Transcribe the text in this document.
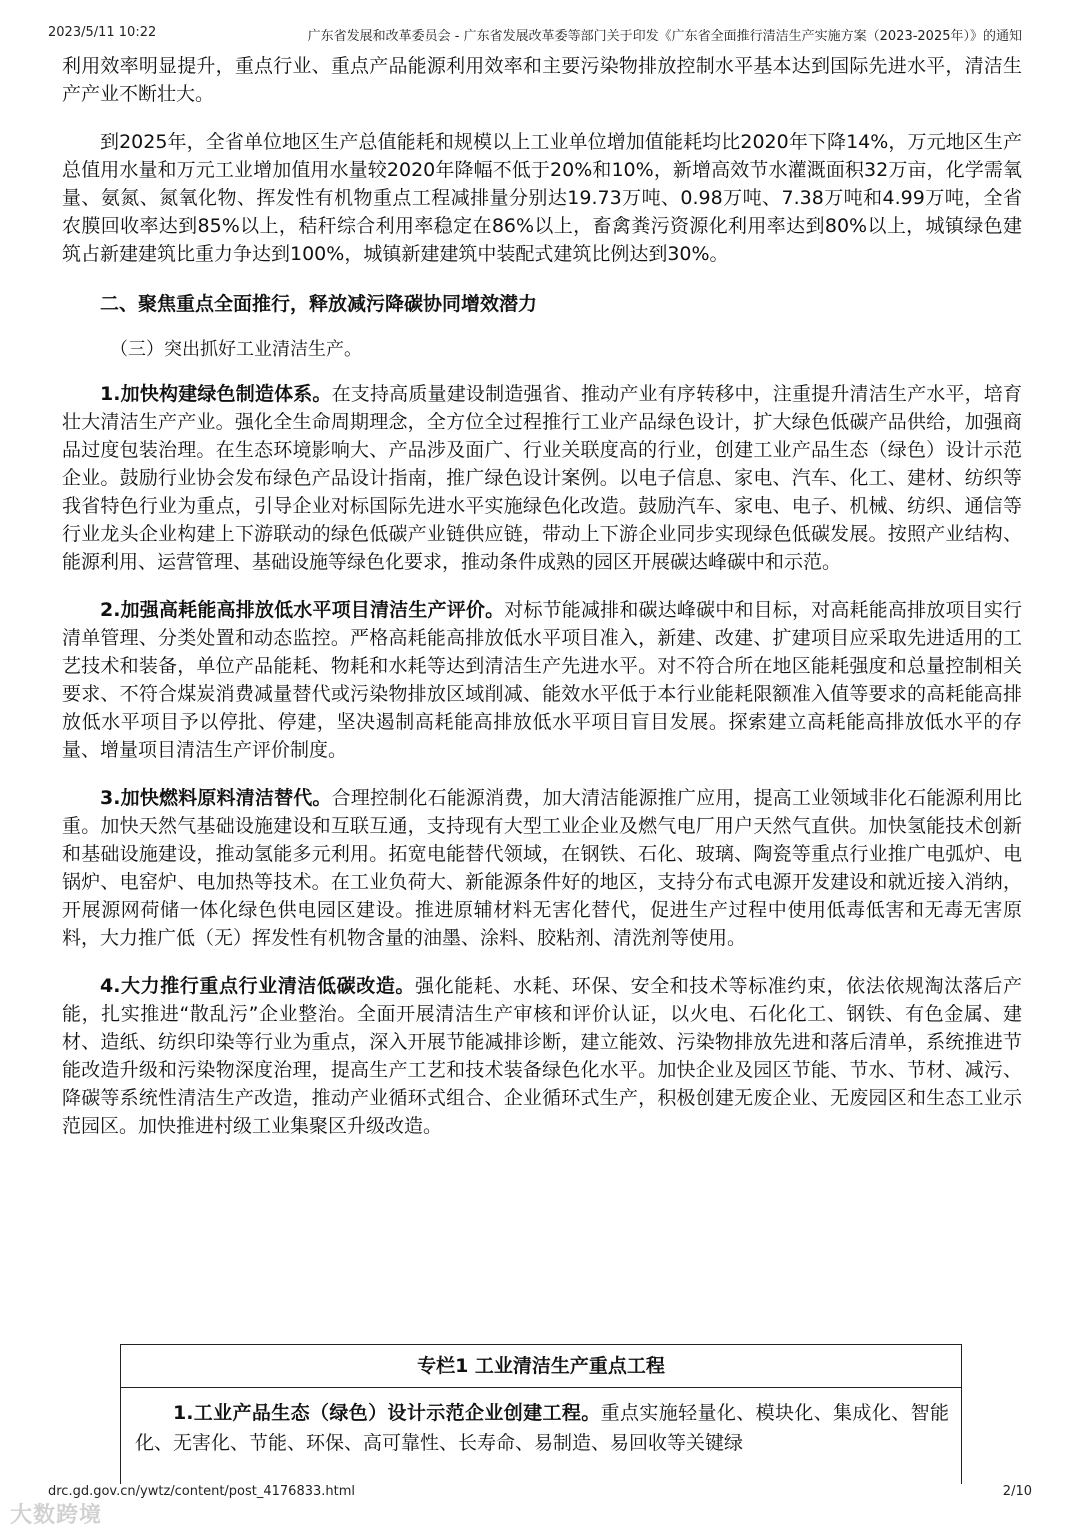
2023/5/11 10:22	广东省发展和改革委员会 - 广东省发展改革委等部门关于印发《广东省全面推行清洁生产实施方案（2023-2025年）》的通知

利用效率明显提升，重点行业、重点产品能源利用效率和主要污染物排放控制水平基本达到国际先进水平，清洁生产产业不断壮大。

到2025年，全省单位地区生产总值能耗和规模以上工业单位增加值能耗均比2020年下降14%，万元地区生产总值用水量和万元工业增加值用水量较2020年降幅不低于20%和10%，新增高效节水灌溉面积32万亩，化学需氧量、氨氮、氮氧化物、挥发性有机物重点工程减排量分别达19.73万吨、0.98万吨、7.38万吨和4.99万吨，全省农膜回收率达到85%以上，秸秆综合利用率稳定在86%以上，畜禽粪污资源化利用率达到80%以上，城镇绿色建筑占新建建筑比重力争达到100%，城镇新建建筑中装配式建筑比例达到30%。

二、聚焦重点全面推行，释放减污降碳协同增效潜力
（三）突出抓好工业清洁生产。

1.加快构建绿色制造体系。在支持高质量建设制造强省、推动产业有序转移中，注重提升清洁生产水平，培育壮大清洁生产产业。强化全生命周期理念，全方位全过程推行工业产品绿色设计，扩大绿色低碳产品供给，加强商品过度包装治理。在生态环境影响大、产品涉及面广、行业关联度高的行业，创建工业产品生态（绿色）设计示范企业。鼓励行业协会发布绿色产品设计指南，推广绿色设计案例。以电子信息、家电、汽车、化工、建材、纺织等我省特色行业为重点，引导企业对标国际先进水平实施绿色化改造。鼓励汽车、家电、电子、机械、纺织、通信等行业龙头企业构建上下游联动的绿色低碳产业链供应链，带动上下游企业同步实现绿色低碳发展。按照产业结构、能源利用、运营管理、基础设施等绿色化要求，推动条件成熟的园区开展碳达峰碳中和示范。

2.加强高耗能高排放低水平项目清洁生产评价。对标节能减排和碳达峰碳中和目标，对高耗能高排放项目实行清单管理、分类处置和动态监控。严格高耗能高排放低水平项目准入，新建、改建、扩建项目应采取先进适用的工艺技术和装备，单位产品能耗、物耗和水耗等达到清洁生产先进水平。对不符合所在地区能耗强度和总量控制相关要求、不符合煤炭消费减量替代或污染物排放区域削减、能效水平低于本行业能耗限额准入值等要求的高耗能高排放低水平项目予以停批、停建，坚决遏制高耗能高排放低水平项目盲目发展。探索建立高耗能高排放低水平的存量、增量项目清洁生产评价制度。

3.加快燃料原料清洁替代。合理控制化石能源消费，加大清洁能源推广应用，提高工业领域非化石能源利用比重。加快天然气基础设施建设和互联互通，支持现有大型工业企业及燃气电厂用户天然气直供。加快氢能技术创新和基础设施建设，推动氢能多元利用。拓宽电能替代领域，在钢铁、石化、玻璃、陶瓷等重点行业推广电弧炉、电锅炉、电窑炉、电加热等技术。在工业负荷大、新能源条件好的地区，支持分布式电源开发建设和就近接入消纳，开展源网荷储一体化绿色供电园区建设。推进原辅材料无害化替代，促进生产过程中使用低毒低害和无毒无害原料，大力推广低（无）挥发性有机物含量的油墨、涂料、胶粘剂、清洗剂等使用。

4.大力推行重点行业清洁低碳改造。强化能耗、水耗、环保、安全和技术等标准约束，依法依规淘汰落后产能，扎实推进“散乱污”企业整治。全面开展清洁生产审核和评价认证，以火电、石化化工、钢铁、有色金属、建材、造纸、纺织印染等行业为重点，深入开展节能减排诊断，建立能效、污染物排放先进和落后清单，系统推进节能改造升级和污染物深度治理，提高生产工艺和技术装备绿色化水平。加快企业及园区节能、节水、节材、减污、降碳等系统性清洁生产改造，推动产业循环式组合、企业循环式生产，积极创建无废企业、无废园区和生态工业示范园区。加快推进村级工业集聚区升级改造。

专栏1 工业清洁生产重点工程
1.工业产品生态（绿色）设计示范企业创建工程。重点实施轻量化、模块化、集成化、智能化、无害化、节能、环保、高可靠性、长寿命、易制造、易回收等关键绿
drc.gd.gov.cn/ywtz/content/post_4176833.html	2/10
大数跨境
